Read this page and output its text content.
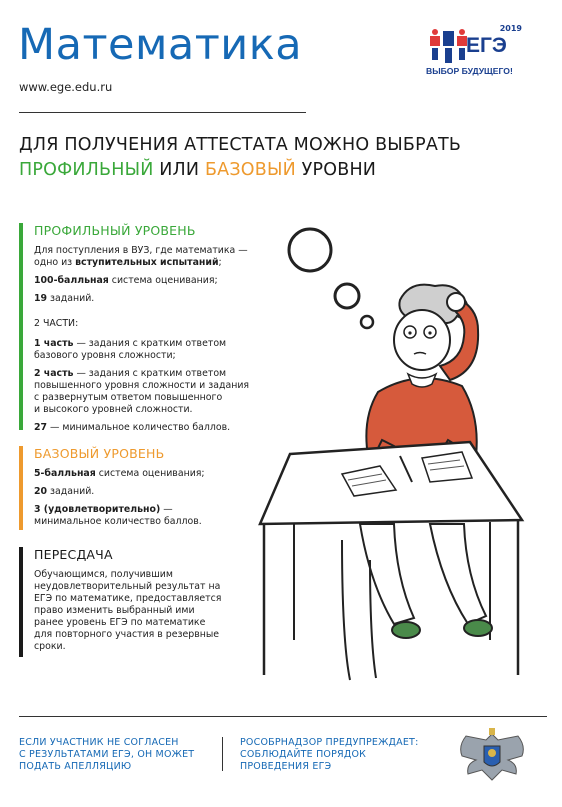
Математика
www.ege.edu.ru
2019
ЕГЭ
ВЫБОР БУДУЩЕГО!
ДЛЯ ПОЛУЧЕНИЯ АТТЕСТАТА МОЖНО ВЫБРАТЬ
ПРОФИЛЬНЫЙ ИЛИ БАЗОВЫЙ УРОВНИ
ПРОФИЛЬНЫЙ УРОВЕНЬ
Для поступления в ВУЗ, где математика —
одно из вступительных испытаний;
100-балльная система оценивания;
19 заданий.
2 ЧАСТИ:
1 часть — задания с кратким ответом
базового уровня сложности;
2 часть — задания с кратким ответом
повышенного уровня сложности и задания
с развернутым ответом повышенного
и высокого уровней сложности.
27 — минимальное количество баллов.
БАЗОВЫЙ УРОВЕНЬ
5-балльная система оценивания;
20 заданий.
3 (удовлетворительно) —
минимальное количество баллов.
ПЕРЕСДАЧА
Обучающимся, получившим
неудовлетворительный результат на
ЕГЭ по математике, предоставляется
право изменить выбранный ими
ранее уровень ЕГЭ по математике
для повторного участия в резервные
сроки.
ЕСЛИ УЧАСТНИК НЕ СОГЛАСЕН
С РЕЗУЛЬТАТАМИ ЕГЭ, ОН МОЖЕТ
ПОДАТЬ АПЕЛЛЯЦИЮ
РОСОБРНАДЗОР ПРЕДУПРЕЖДАЕТ:
СОБЛЮДАЙТЕ ПОРЯДОК
ПРОВЕДЕНИЯ ЕГЭ
